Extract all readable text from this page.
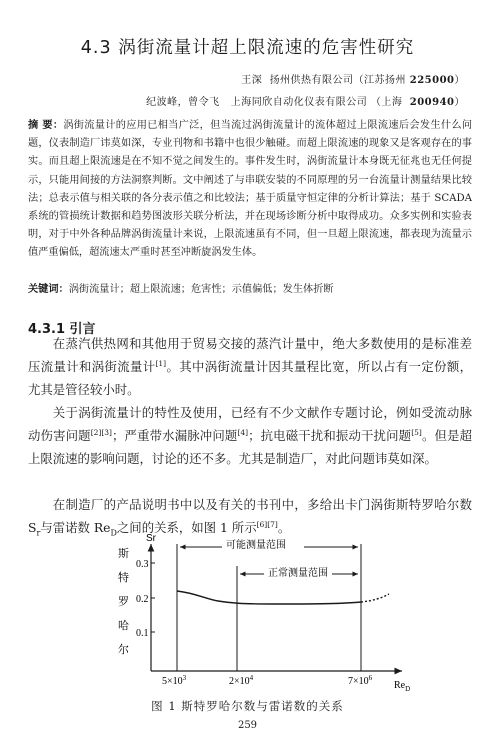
4.3 涡街流量计超上限流速的危害性研究
王深 扬州供热有限公司（江苏扬州 225000）
纪波峰，曾令飞 上海同欣自动化仪表有限公司 （上海 200940）
摘 要：涡街流量计的应用已相当广泛，但当流过涡街流量计的流体超过上限流速后会发生什么问题，仪表制造厂讳莫如深，专业刊物和书籍中也很少触碰。而超上限流速的现象又是客观存在的事实。而且超上限流速是在不知不觉之间发生的。事件发生时，涡街流量计本身既无征兆也无任何提示，只能用间接的方法洞察判断。文中阐述了与串联安装的不同原理的另一台流量计测量结果比较法；总表示值与相关联的各分表示值之和比较法；基于质量守恒定律的分析计算法；基于 SCADA 系统的管损统计数据和趋势图波形关联分析法，并在现场诊断分析中取得成功。众多实例和实验表明，对于中外各种品牌涡街流量计来说，上限流速虽有不同，但一旦超上限流速，都表现为流量示值严重偏低，超流速太严重时甚至冲断旋涡发生体。
关键词：涡街流量计；超上限流速；危害性；示值偏低；发生体折断
4.3.1 引言
在蒸汽供热网和其他用于贸易交接的蒸汽计量中，绝大多数使用的是标准差压流量计和涡街流量计[1]。其中涡街流量计因其量程比宽，所以占有一定份额，尤其是管径较小时。
关于涡街流量计的特性及使用，已经有不少文献作专题讨论，例如受流动脉动伤害问题[2][3]；严重带水漏脉冲问题[4]；抗电磁干扰和振动干扰问题[5]。但是超上限流速的影响问题，讨论的还不多。尤其是制造厂，对此问题讳莫如深。
在制造厂的产品说明书中以及有关的书刊中，多给出卡门涡街斯特罗哈尔数 $S_r$与雷诺数 $Re_D$之间的关系，如图 1 所示[6][7]。
Sr
斯
特
罗
哈
尔
0.3
0.2
0.1
可能测量范围
正常测量范围
$5\times 10^3$	$2\times 10^4$	$7\times 10^6$
$Re_D$
图 1 斯特罗哈尔数与雷诺数的关系
259
